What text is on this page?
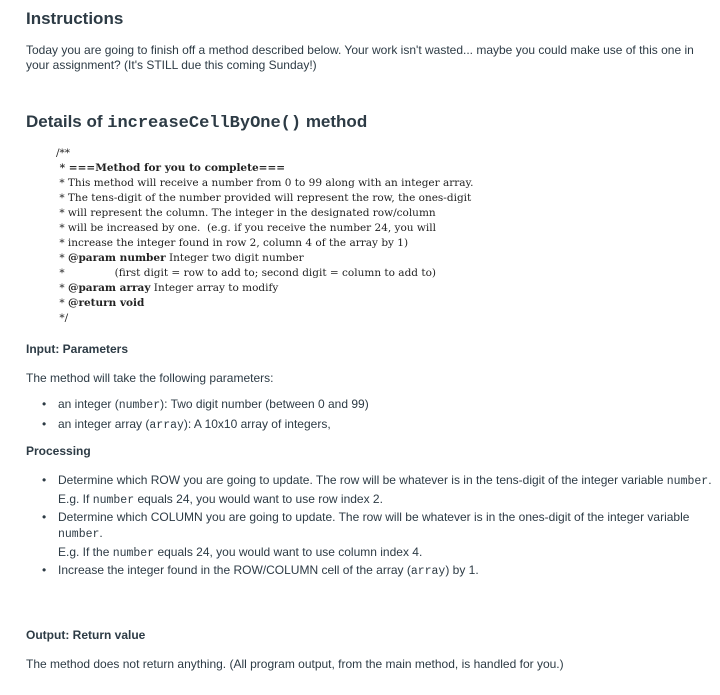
Instructions
Today you are going to finish off a method described below. Your work isn't wasted... maybe you could make use of this one in your assignment? (It's STILL due this coming Sunday!)
Details of increaseCellByOne() method
/**
* ===Method for you to complete===
* This method will receive a number from 0 to 99 along with an integer array.
* The tens-digit of the number provided will represent the row, the ones-digit
* will represent the column. The integer in the designated row/column
* will be increased by one.  (e.g. if you receive the number 24, you will
* increase the integer found in row 2, column 4 of the array by 1)
* @param number Integer two digit number
*               (first digit = row to add to; second digit = column to add to)
* @param array Integer array to modify
* @return void
*/
Input: Parameters
The method will take the following parameters:
• an integer (number): Two digit number (between 0 and 99)
• an integer array (array): A 10x10 array of integers,
Processing
• Determine which ROW you are going to update. The row will be whatever is in the tens-digit of the integer variable number.
E.g. If number equals 24, you would want to use row index 2.
• Determine which COLUMN you are going to update. The row will be whatever is in the ones-digit of the integer variable number.
E.g. If the number equals 24, you would want to use column index 4.
• Increase the integer found in the ROW/COLUMN cell of the array (array) by 1.
Output: Return value
The method does not return anything. (All program output, from the main method, is handled for you.)
